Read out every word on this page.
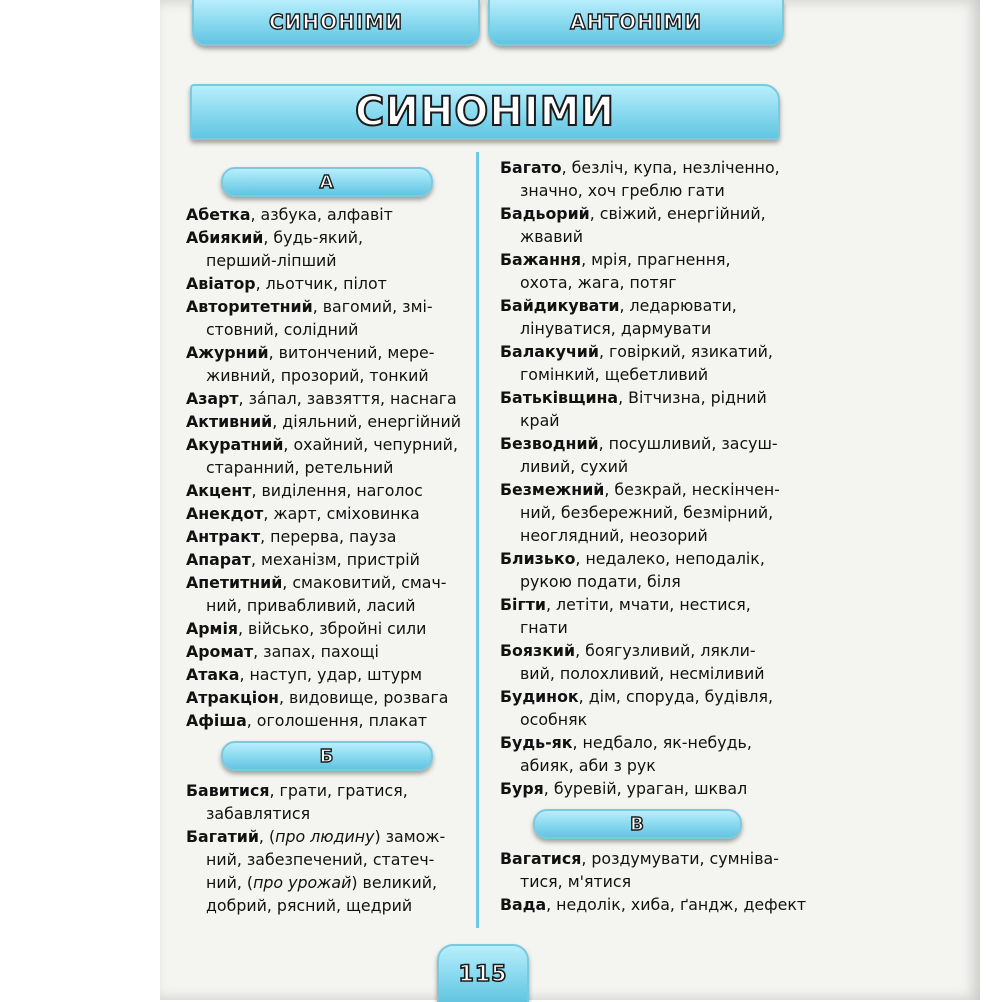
СИНОНІМИ	АНТОНІМИ
СИНОНІМИ
А
Б
В
Абетка, азбука, алфавіт
Абиякий, будь-який,
перший-ліпший
Авіатор, льотчик, пілот
Авторитетний, вагомий, змі-
стовний, солідний
Ажурний, витончений, мере-
живний, прозорий, тонкий
Азарт, за́пал, завзяття, наснага
Активний, діяльний, енергійний
Акуратний, охайний, чепурний,
старанний, ретельний
Акцент, виділення, наголос
Анекдот, жарт, сміховинка
Антракт, перерва, пауза
Апарат, механізм, пристрій
Апетитний, смаковитий, смач-
ний, привабливий, ласий
Армія, військо, збройні сили
Аромат, запах, пахощі
Атака, наступ, удар, штурм
Атракціон, видовище, розвага
Афіша, оголошення, плакат
Бавитися, грати, гратися,
забавлятися
Багатий, (про людину) замож-
ний, забезпечений, статеч-
ний, (про урожай) великий,
добрий, рясний, щедрий
Багато, безліч, купа, незліченно,
значно, хоч греблю гати
Бадьорий, свіжий, енергійний,
жвавий
Бажання, мрія, прагнення,
охота, жага, потяг
Байдикувати, ледарювати,
лінуватися, дармувати
Балакучий, говіркий, язикатий,
гомінкий, щебетливий
Батьківщина, Вітчизна, рідний
край
Безводний, посушливий, засуш-
ливий, сухий
Безмежний, безкрай, нескінчен-
ний, безбережний, безмірний,
неоглядний, неозорий
Близько, недалеко, неподалік,
рукою подати, біля
Бігти, летіти, мчати, нестися,
гнати
Боязкий, боягузливий, лякли-
вий, полохливий, несміливий
Будинок, дім, споруда, будівля,
особняк
Будь-як, недбало, як-небудь,
абияк, аби з рук
Буря, буревій, ураган, шквал
Вагатися, роздумувати, сумніва-
тися, м'ятися
Вада, недолік, хиба, ґандж, дефект
115
